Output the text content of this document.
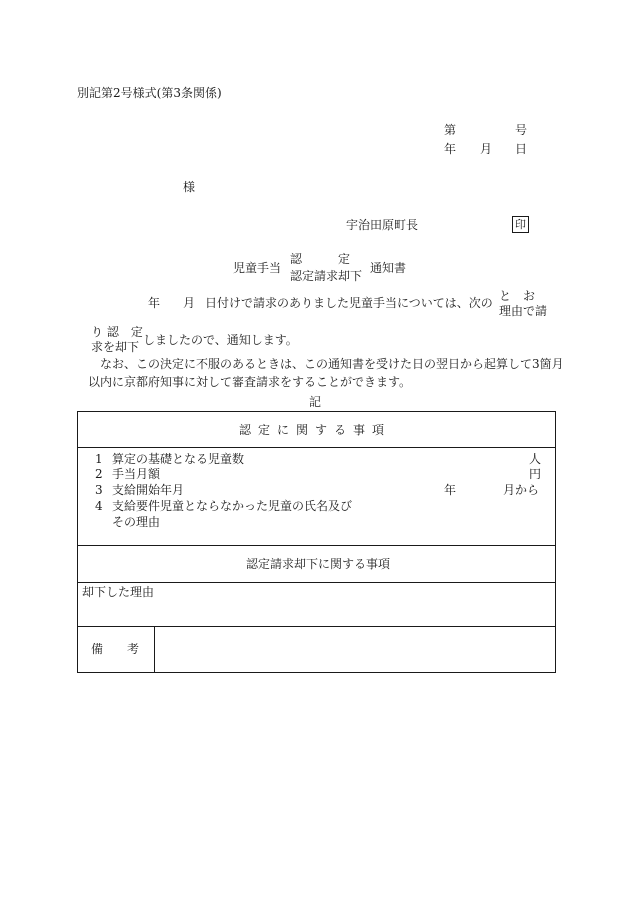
別記第2号様式(第3条関係)
第	号
年 月 日
様
宇治田原町長	印
児童手当
認　　　定
認定請求却下
通知書
年 月 日付けで請求のありました児童手当については、次の と　お
理由で請
り 認　定
求を却下 しましたので、通知します。
なお、この決定に不服のあるときは、この通知書を受けた日の翌日から起算して3箇月
以内に京都府知事に対して審査請求をすることができます。
記
認定に関する事項
1 算定の基礎となる児童数	人
2 手当月額	円
3 支給開始年月	年	月から
4 支給要件児童とならなかった児童の氏名及び
その理由
認定請求却下に関する事項
却下した理由
備　　考
